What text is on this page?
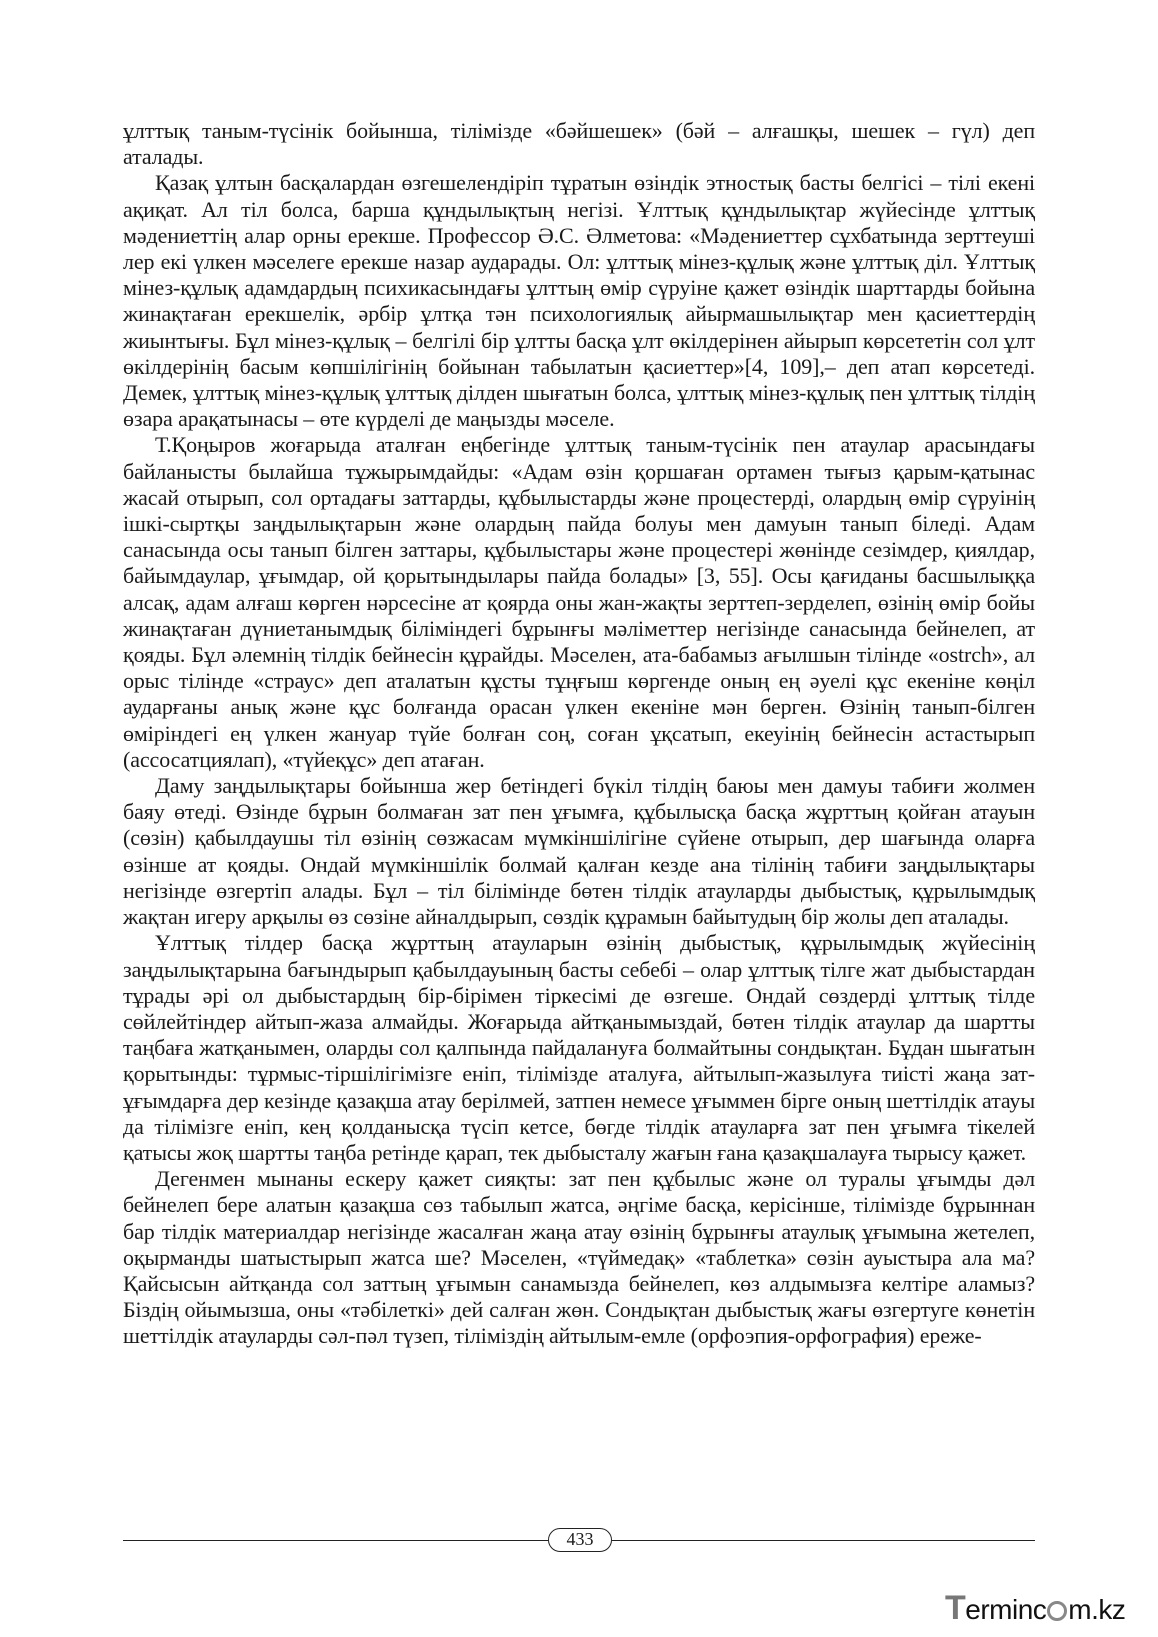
ұлттық таным-түсінік бойынша, тілімізде «бәйшешек» (бәй – алғашқы, шешек – гүл) деп аталады.

Қазақ ұлтын басқалардан өзгешелендіріп тұратын өзіндік этностық басты белгісі – тілі екені ақиқат. Ал тіл болса, барша құндылықтың негізі. Ұлттық құндылықтар жүйесінде ұлттық мәдениеттің алар орны ерекше. Профессор Ә.С. Әлметова: «Мәдениеттер сұхбатында зерттеуші лер екі үлкен мәселеге ерекше назар аударады. Ол: ұлттық мінез-құлық және ұлттық діл. Ұлттық мінез-құлық адамдардың психикасындағы ұлттың өмір сүруіне қажет өзіндік шарттарды бойына жинақтаған ерекшелік, әрбір ұлтқа тән психологиялық айырмашылықтар мен қасиеттердің жиынтығы. Бұл мінез-құлық – белгілі бір ұлтты басқа ұлт өкілдерінен айырып көрсететін сол ұлт өкілдерінің басым көпшілігінің бойынан табылатын қасиеттер»[4, 109],– деп атап көрсетеді. Демек, ұлттық мінез-құлық ұлттық ділден шығатын болса, ұлттық мінез-құлық пен ұлттық тілдің өзара арақатынасы – өте күрделі де маңызды мәселе.

Т.Қоңыров жоғарыда аталған еңбегінде ұлттық таным-түсінік пен атаулар арасындағы байланысты былайша тұжырымдайды: «Адам өзін қоршаған ортамен тығыз қарым-қатынас жасай отырып, сол ортадағы заттарды, құбылыстарды және процестерді, олардың өмір сүруінің ішкі-сыртқы заңдылықтарын және олардың пайда болуы мен дамуын танып біледі. Адам санасында осы танып білген заттары, құбылыстары және процестері жөнінде сезімдер, қиялдар, байымдаулар, ұғымдар, ой қорытындылары пайда болады» [3, 55]. Осы қағиданы басшылыққа алсақ, адам алғаш көрген нәрсесіне ат қоярда оны жан-жақты зерттеп-зерделеп, өзінің өмір бойы жинақтаған дүниетанымдық біліміндегі бұрынғы мәліметтер негізінде санасында бейнелеп, ат қояды. Бұл әлемнің тілдік бейнесін құрайды. Мәселен, ата-бабамыз ағылшын тілінде «ostrch», ал орыс тілінде «страус» деп аталатын құсты тұңғыш көргенде оның ең әуелі құс екеніне көңіл аударғаны анық және құс болғанда орасан үлкен екеніне мән берген. Өзінің танып-білген өміріндегі ең үлкен жануар түйе болған соң, соған ұқсатып, екеуінің бейнесін астастырып (ассосатциялап), «түйеқұс» деп атаған.

Даму заңдылықтары бойынша жер бетіндегі бүкіл тілдің баюы мен дамуы табиғи жолмен баяу өтеді. Өзінде бұрын болмаған зат пен ұғымға, құбылысқа басқа жұрттың қойған атауын (сөзін) қабылдаушы тіл өзінің сөзжасам мүмкіншілігіне сүйене отырып, дер шағында оларға өзінше ат қояды. Ондай мүмкіншілік болмай қалған кезде ана тілінің табиғи заңдылықтары негізінде өзгертіп алады. Бұл – тіл білімінде бөтен тілдік атауларды дыбыстық, құрылымдық жақтан игеру арқылы өз сөзіне айналдырып, сөздік құрамын байытудың бір жолы деп аталады.

Ұлттық тілдер басқа жұрттың атауларын өзінің дыбыстық, құрылымдық жүйесінің заңдылықтарына бағындырып қабылдауының басты себебі – олар ұлттық тілге жат дыбыстардан тұрады әрі ол дыбыстардың бір-бірімен тіркесімі де өзгеше. Ондай сөздерді ұлттық тілде сөйлейтіндер айтып-жаза алмайды. Жоғарыда айтқанымыздай, бөтен тілдік атаулар да шартты таңбаға жатқанымен, оларды сол қалпында пайдалануға болмайтыны сондықтан. Бұдан шығатын қорытынды: тұрмыс-тіршілігімізге еніп, тілімізде аталуға, айтылып-жазылуға тиісті жаңа зат-ұғымдарға дер кезінде қазақша атау берілмей, затпен немесе ұғыммен бірге оның шеттілдік атауы да тілімізге еніп, кең қолданысқа түсіп кетсе, бөгде тілдік атауларға зат пен ұғымға тікелей қатысы жоқ шартты таңба ретінде қарап, тек дыбысталу жағын ғана қазақшалауға тырысу қажет.

Дегенмен мынаны ескеру қажет сияқты: зат пен құбылыс және ол туралы ұғымды дәл бейнелеп бере алатын қазақша сөз табылып жатса, әңгіме басқа, керісінше, тілімізде бұрыннан бар тілдік материалдар негізінде жасалған жаңа атау өзінің бұрынғы атаулық ұғымына жетелеп, оқырманды шатыстырып жатса ше? Мәселен, «түймедақ» «таблетка» сөзін ауыстыра ала ма? Қайсысын айтқанда сол заттың ұғымын санамызда бейнелеп, көз алдымызға келтіре аламыз? Біздің ойымызша, оны «тәбілеткі» дей салған жөн. Сондықтан дыбыстық жағы өзгертуге көнетін шеттілдік атауларды сәл-пәл түзеп, тіліміздің айтылым-емле (орфоэпия-орфография) ереже-

433
Terminc m.kz
